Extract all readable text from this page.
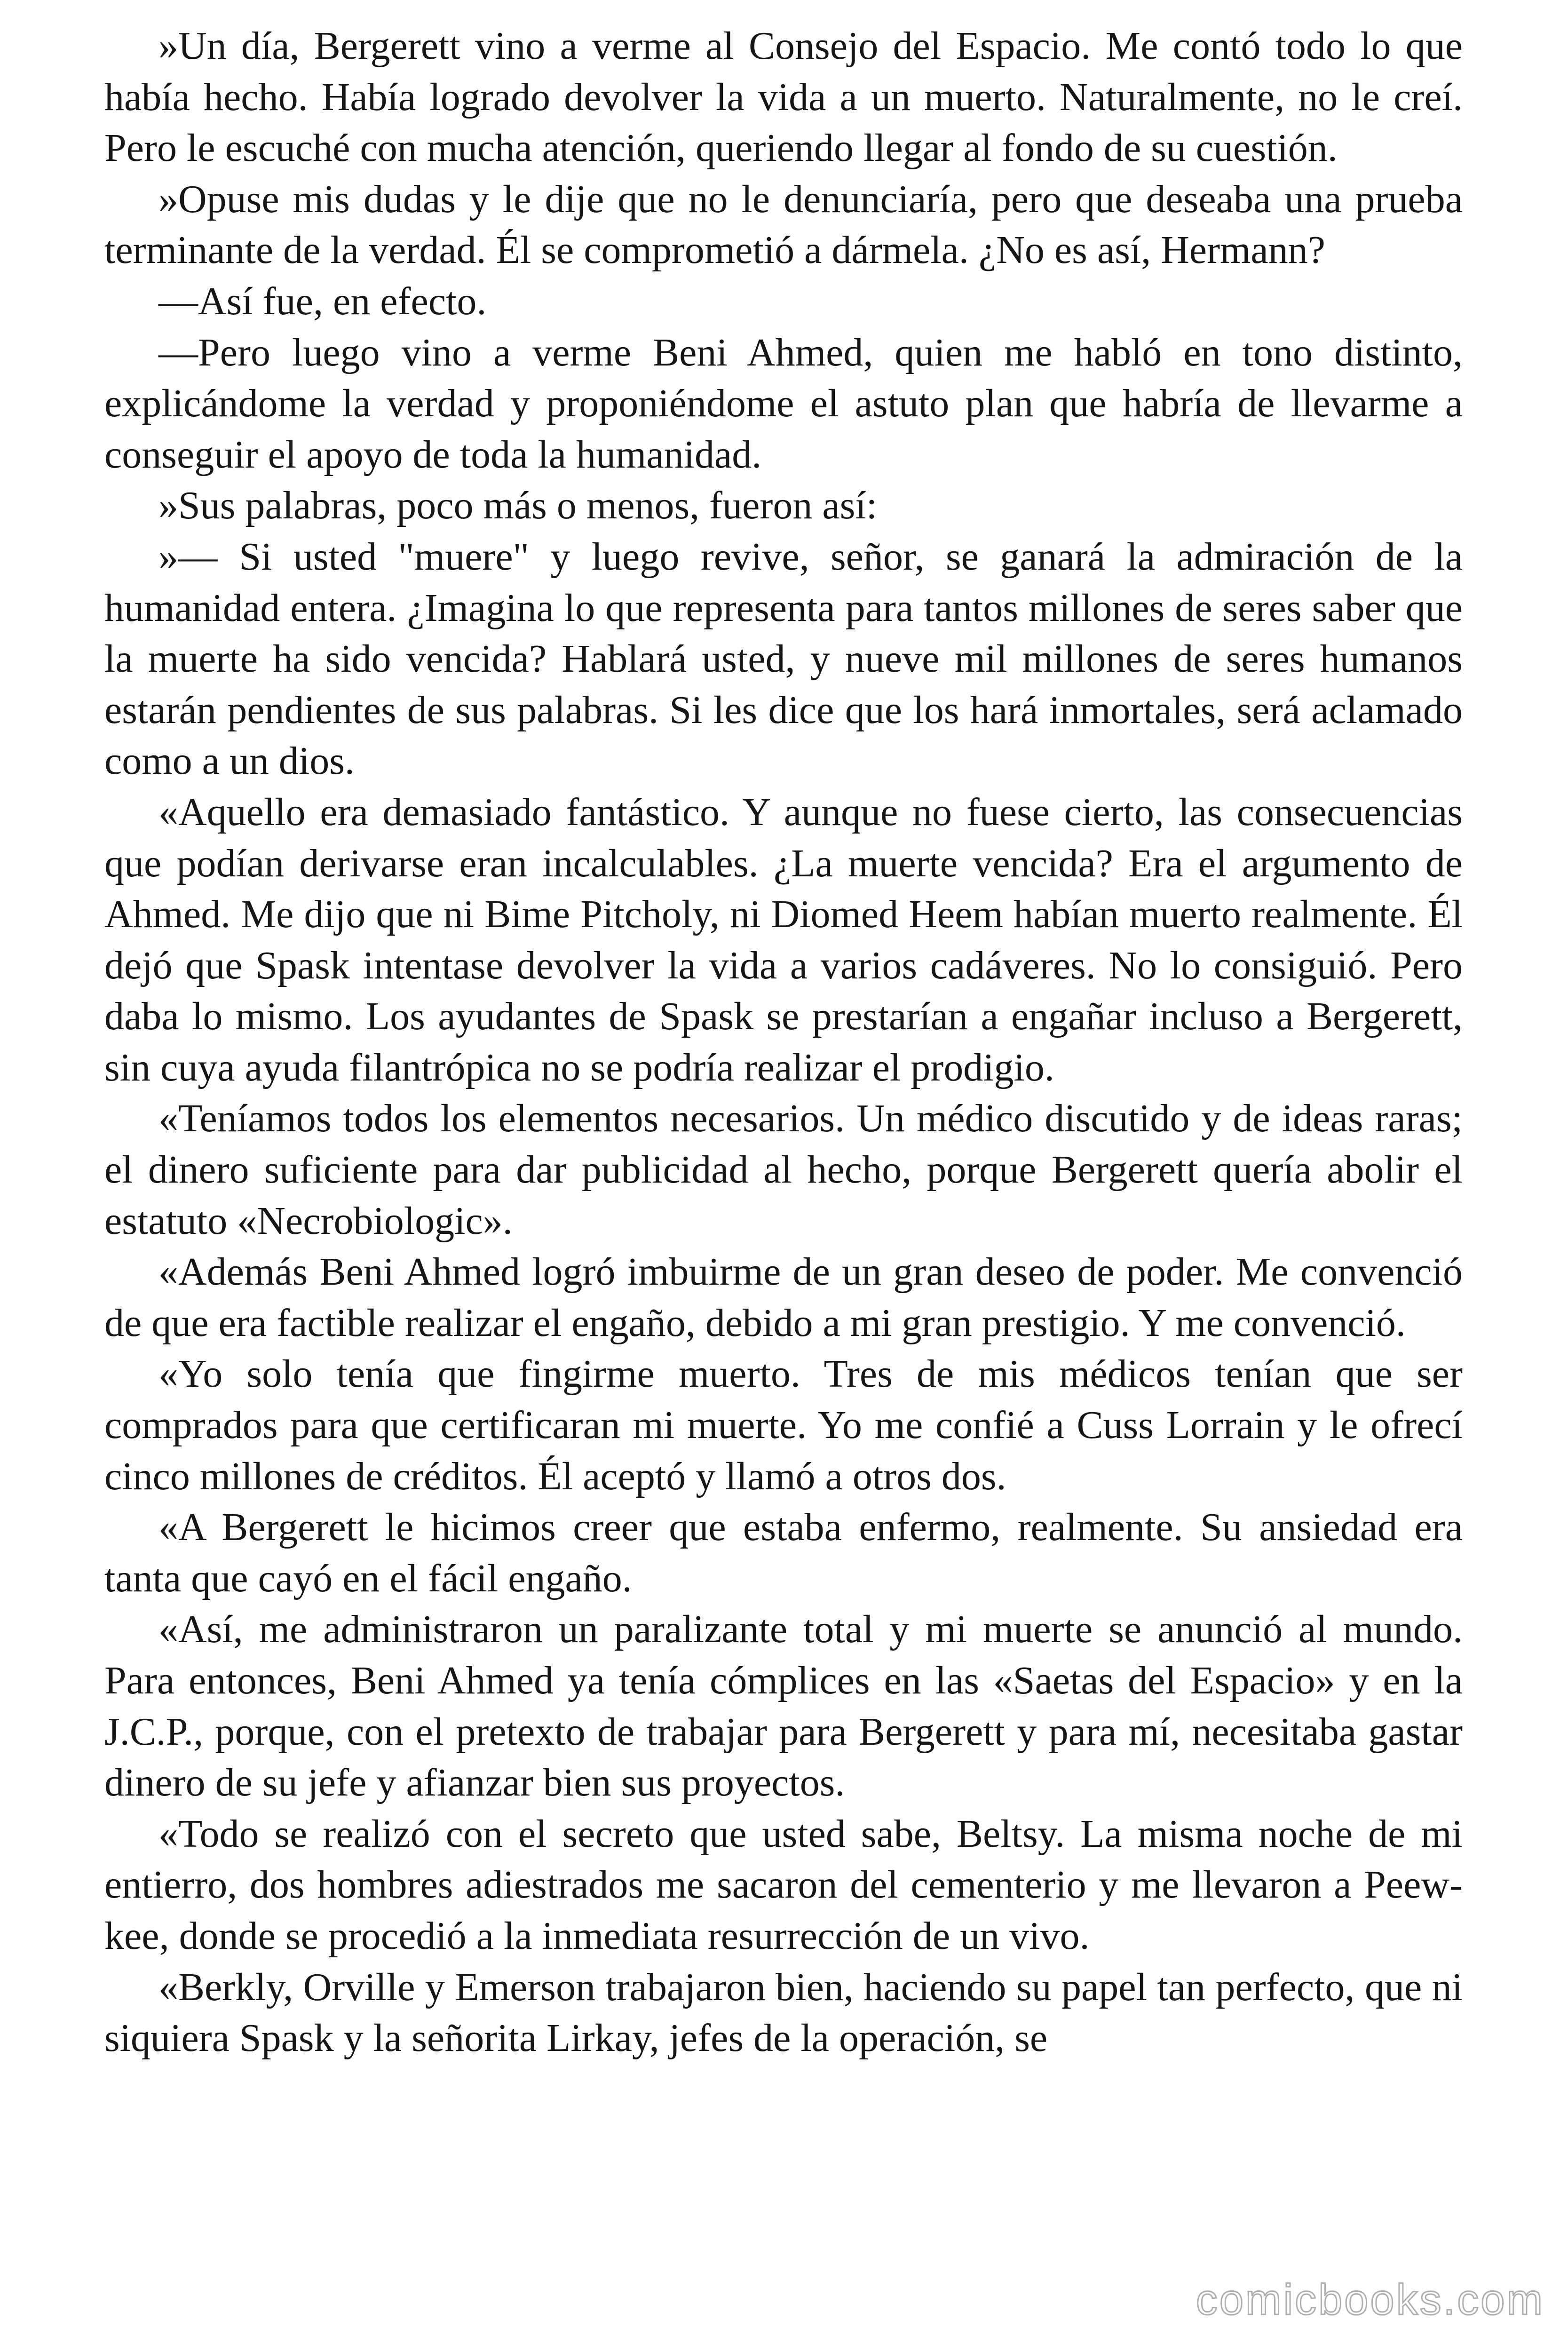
»Un día, Bergerett vino a verme al Consejo del Espacio. Me contó todo lo que había hecho. Había logrado devolver la vida a un muerto. Naturalmente, no le creí. Pero le escuché con mucha atención, queriendo llegar al fondo de su cuestión.

»Opuse mis dudas y le dije que no le denunciaría, pero que deseaba una prueba terminante de la verdad. Él se comprometió a dármela. ¿No es así, Hermann?

—Así fue, en efecto.

—Pero luego vino a verme Beni Ahmed, quien me habló en tono distinto, explicándome la verdad y proponiéndome el astuto plan que habría de llevarme a conseguir el apoyo de toda la humanidad.

»Sus palabras, poco más o menos, fueron así:

»— Si usted "muere" y luego revive, señor, se ganará la admiración de la humanidad entera. ¿Imagina lo que representa para tantos millones de seres saber que la muerte ha sido vencida? Hablará usted, y nueve mil millones de seres humanos estarán pendientes de sus palabras. Si les dice que los hará inmortales, será aclamado como a un dios.

«Aquello era demasiado fantástico. Y aunque no fuese cierto, las consecuencias que podían derivarse eran incalculables. ¿La muerte vencida? Era el argumento de Ahmed. Me dijo que ni Bime Pitcholy, ni Diomed Heem habían muerto realmente. Él dejó que Spask intentase devolver la vida a varios cadáveres. No lo consiguió. Pero daba lo mismo. Los ayudantes de Spask se prestarían a engañar incluso a Bergerett, sin cuya ayuda filantrópica no se podría realizar el prodigio.

«Teníamos todos los elementos necesarios. Un médico discutido y de ideas raras; el dinero suficiente para dar publicidad al hecho, porque Bergerett quería abolir el estatuto «Necrobiologic».

«Además Beni Ahmed logró imbuirme de un gran deseo de poder. Me convenció de que era factible realizar el engaño, debido a mi gran prestigio. Y me convenció.

«Yo solo tenía que fingirme muerto. Tres de mis médicos tenían que ser comprados para que certificaran mi muerte. Yo me confié a Cuss Lorrain y le ofrecí cinco millones de créditos. Él aceptó y llamó a otros dos.

«A Bergerett le hicimos creer que estaba enfermo, realmente. Su ansiedad era tanta que cayó en el fácil engaño.

«Así, me administraron un paralizante total y mi muerte se anunció al mundo. Para entonces, Beni Ahmed ya tenía cómplices en las «Saetas del Espacio» y en la J.C.P., porque, con el pretexto de trabajar para Bergerett y para mí, necesitaba gastar dinero de su jefe y afianzar bien sus proyectos.

«Todo se realizó con el secreto que usted sabe, Beltsy. La misma noche de mi entierro, dos hombres adiestrados me sacaron del cementerio y me llevaron a Peew-kee, donde se procedió a la inmediata resurrección de un vivo.

«Berkly, Orville y Emerson trabajaron bien, haciendo su papel tan perfecto, que ni siquiera Spask y la señorita Lirkay, jefes de la operación, se

comicbooks.com
